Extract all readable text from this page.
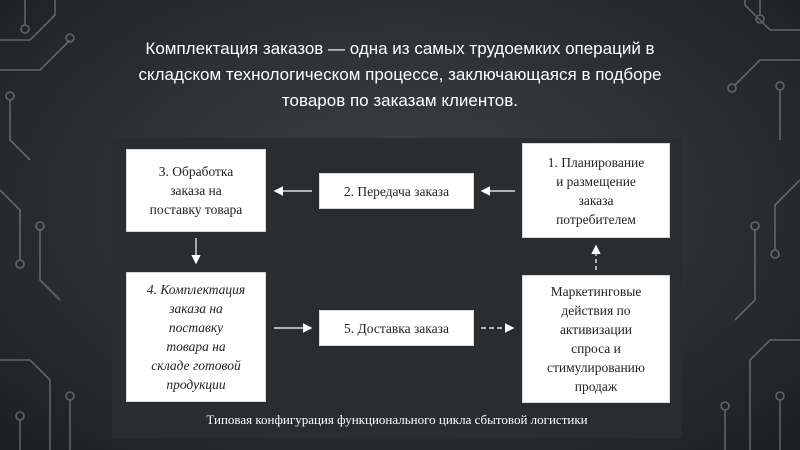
Комплектация заказов — одна из самых трудоемких операций в
складском технологическом процессе, заключающаяся в подборе
товаров по заказам клиентов.
1. Планирование
и размещение
заказа
потребителем
2. Передача заказа
3. Обработка
заказа на
поставку товара
4. Комплектация
заказа на
поставку
товара на
складе готовой
продукции
5. Доставка заказа
Маркетинговые
действия по
активизации
спроса и
стимулированию
продаж
Типовая конфигурация функционального цикла сбытовой логистики
